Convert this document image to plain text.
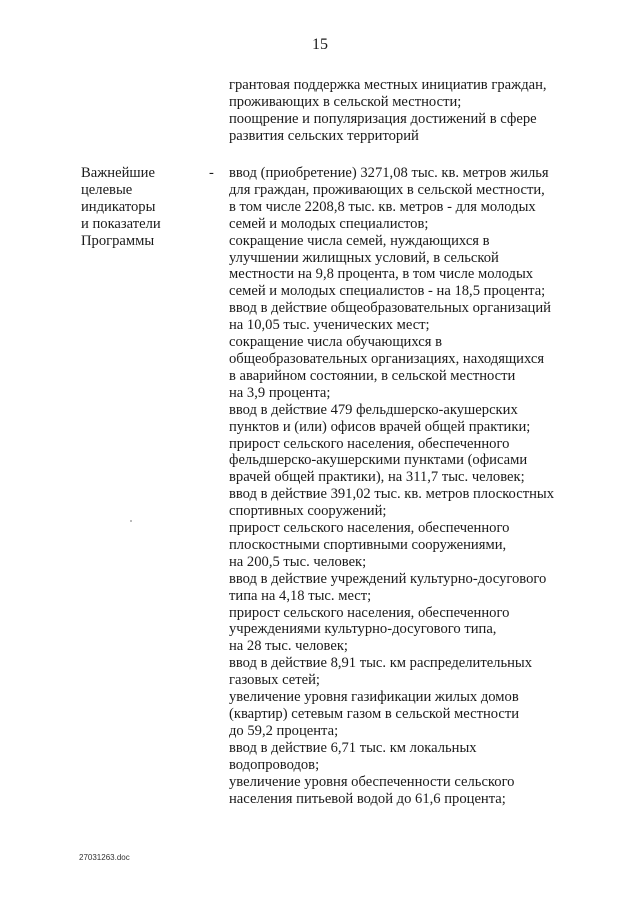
15
грантовая поддержка местных инициатив граждан,
проживающих в сельской местности;
поощрение и популяризация достижений в сфере
развития сельских территорий
Важнейшие
целевые
индикаторы
и показатели
Программы
- ввод (приобретение) 3271,08 тыс. кв. метров жилья
для граждан, проживающих в сельской местности,
в том числе 2208,8 тыс. кв. метров - для молодых
семей и молодых специалистов;
сокращение числа семей, нуждающихся в
улучшении жилищных условий, в сельской
местности на 9,8 процента, в том числе молодых
семей и молодых специалистов - на 18,5 процента;
ввод в действие общеобразовательных организаций
на 10,05 тыс. ученических мест;
сокращение числа обучающихся в
общеобразовательных организациях, находящихся
в аварийном состоянии, в сельской местности
на 3,9 процента;
ввод в действие 479 фельдшерско-акушерских
пунктов и (или) офисов врачей общей практики;
прирост сельского населения, обеспеченного
фельдшерско-акушерскими пунктами (офисами
врачей общей практики), на 311,7 тыс. человек;
ввод в действие 391,02 тыс. кв. метров плоскостных
спортивных сооружений;
прирост сельского населения, обеспеченного
плоскостными спортивными сооружениями,
на 200,5 тыс. человек;
ввод в действие учреждений культурно-досугового
типа на 4,18 тыс. мест;
прирост сельского населения, обеспеченного
учреждениями культурно-досугового типа,
на 28 тыс. человек;
ввод в действие 8,91 тыс. км распределительных
газовых сетей;
увеличение уровня газификации жилых домов
(квартир) сетевым газом в сельской местности
до 59,2 процента;
ввод в действие 6,71 тыс. км локальных
водопроводов;
увеличение уровня обеспеченности сельского
населения питьевой водой до 61,6 процента;
27031263.doc
